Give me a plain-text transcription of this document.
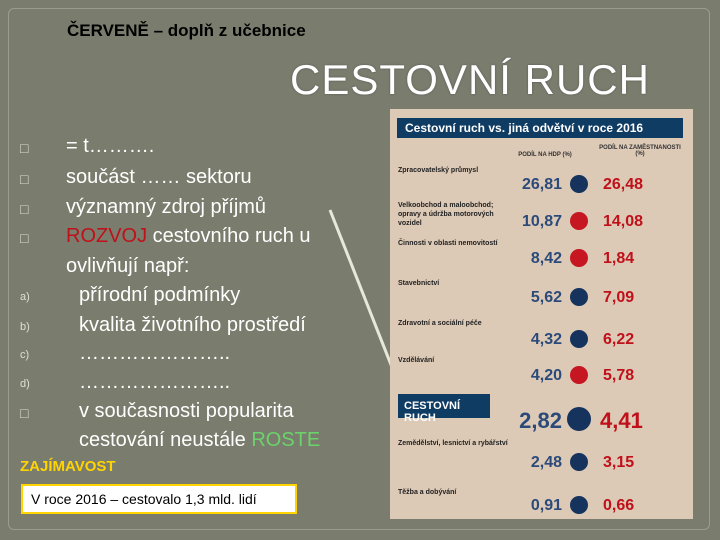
ČERVENĚ – doplň z učebnice
CESTOVNÍ RUCH
□ = t……….
□ součást …… sektoru
□ významný zdroj příjmů
□ ROZVOJ cestovního ruch u
ovlivňují např:
a) přírodní podmínky
b) kvalita životního prostředí
c) …………………..
d) …………………..
□	v současnosti popularita
cestování neustále ROSTE
ZAJÍMAVOST
V roce 2016 – cestovalo 1,3 mld. lidí
Cestovní ruch vs. jiná odvětví v roce 2016
PODÍL NA HDP (%)
PODÍL NA ZAMĚSTNANOSTI (%)
Zpracovatelský průmysl
26,81	26,48
Velkoobchod a maloobchod; opravy a údržba motorových vozidel	10,87	14,08
Činnosti v oblasti nemovitostí
8,42	1,84
Stavebnictví
5,62	7,09
Zdravotní a sociální péče
4,32	6,22
Vzdělávání
4,20	5,78
CESTOVNÍ RUCH	2,82 4,41
Zemědělství, lesnictví a rybářství
2,48	3,15
Těžba a dobývání
0,91	0,66
